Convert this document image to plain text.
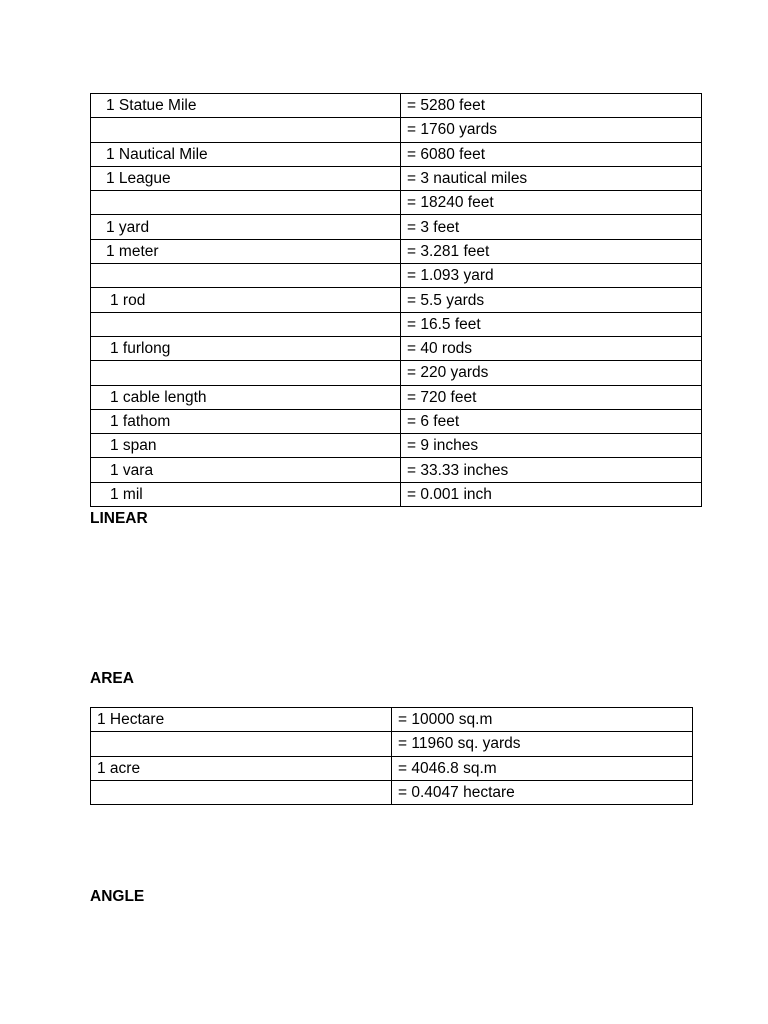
1 Statue Mile	= 5280 feet
	= 1760 yards
1 Nautical Mile	= 6080 feet
1 League	= 3 nautical miles
	= 18240 feet
1 yard	= 3 feet
1 meter	= 3.281 feet
	= 1.093 yard
1 rod	= 5.5 yards
	= 16.5 feet
1 furlong	= 40 rods
	= 220 yards
1 cable length	= 720 feet
1 fathom	= 6 feet
1 span	= 9 inches
1 vara	= 33.33 inches
1 mil	= 0.001 inch
LINEAR
AREA
1 Hectare	= 10000 sq.m
	= 11960 sq. yards
1 acre	= 4046.8 sq.m
	= 0.4047 hectare
ANGLE
